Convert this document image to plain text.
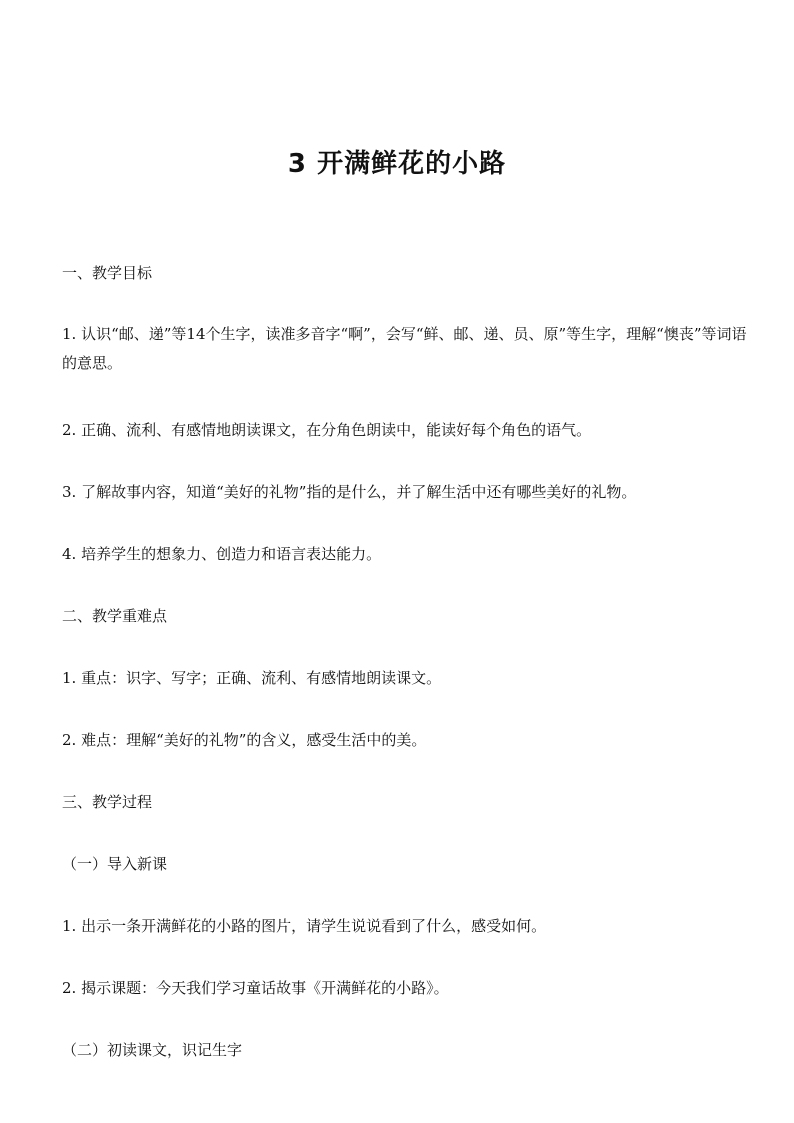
3 开满鲜花的小路
一、教学目标
1. 认识“邮、递”等14个生字，读准多音字“啊”，会写“鲜、邮、递、员、原”等生字，理解“懊丧”等词语的意思。
2. 正确、流利、有感情地朗读课文，在分角色朗读中，能读好每个角色的语气。
3. 了解故事内容，知道“美好的礼物”指的是什么，并了解生活中还有哪些美好的礼物。
4. 培养学生的想象力、创造力和语言表达能力。
二、教学重难点
1. 重点：识字、写字；正确、流利、有感情地朗读课文。
2. 难点：理解“美好的礼物”的含义，感受生活中的美。
三、教学过程
（一）导入新课
1. 出示一条开满鲜花的小路的图片，请学生说说看到了什么，感受如何。
2. 揭示课题：今天我们学习童话故事《开满鲜花的小路》。
（二）初读课文，识记生字
